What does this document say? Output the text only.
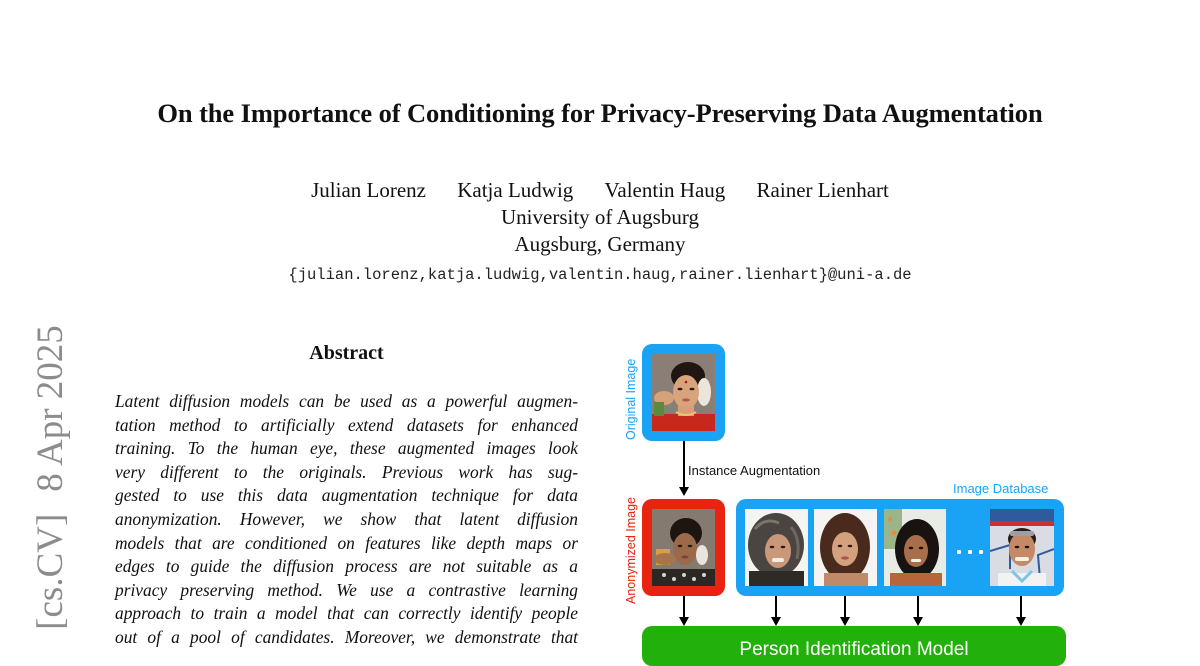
On the Importance of Conditioning for Privacy-Preserving Data Augmentation
Julian Lorenz Katja Ludwig Valentin Haug Rainer Lienhart
University of Augsburg
Augsburg, Germany
{julian.lorenz,katja.ludwig,valentin.haug,rainer.lienhart}@uni-a.de
[cs.CV]8 Apr 2025	Abstract
Latent diffusion models can be used as a powerful augmen-
tation method to artificially extend datasets for enhanced
training. To the human eye, these augmented images look
very different to the originals. Previous work has sug-
gested to use this data augmentation technique for data
anonymization. However, we show that latent diffusion
models that are conditioned on features like depth maps or
edges to guide the diffusion process are not suitable as a
privacy preserving method. We use a contrastive learning
approach to train a model that can correctly identify people
out of a pool of candidates. Moreover, we demonstrate that
Original Image
Instance Augmentation
Image Database
Anonymized Image
Person Identification Model
